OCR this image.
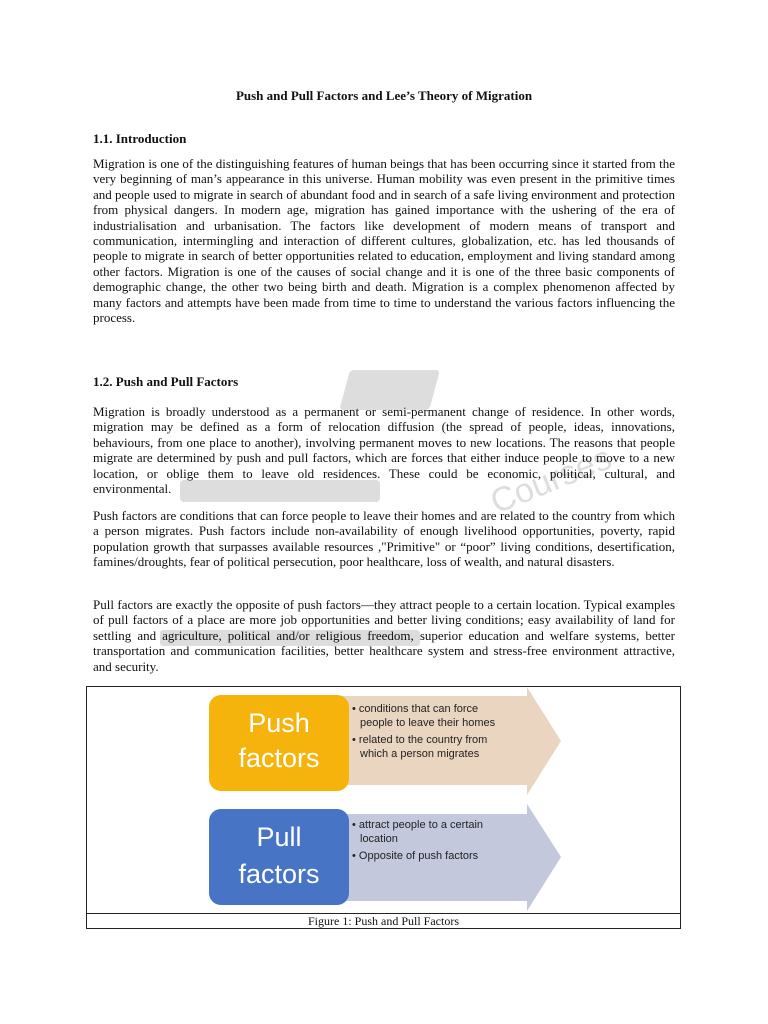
Courses
Push and Pull Factors and Lee’s Theory of Migration
1.1. Introduction

Migration is one of the distinguishing features of human beings that has been occurring since it started from the very beginning of man’s appearance in this universe. Human mobility was even present in the primitive times and people used to migrate in search of abundant food and in search of a safe living environment and protection from physical dangers. In modern age, migration has gained importance with the ushering of the era of industrialisation and urbanisation. The factors like development of modern means of transport and communication, intermingling and interaction of different cultures, globalization, etc. has led thousands of people to migrate in search of better opportunities related to education, employment and living standard among other factors. Migration is one of the causes of social change and it is one of the three basic components of demographic change, the other two being birth and death. Migration is a complex phenomenon affected by many factors and attempts have been made from time to time to understand the various factors influencing the process.

1.2. Push and Pull Factors

Migration is broadly understood as a permanent or semi-permanent change of residence. In other words, migration may be defined as a form of relocation diffusion (the spread of people, ideas, innovations, behaviours, from one place to another), involving permanent moves to new locations. The reasons that people migrate are determined by push and pull factors, which are forces that either induce people to move to a new location, or oblige them to leave old residences. These could be economic, political, cultural, and environmental.

Push factors are conditions that can force people to leave their homes and are related to the country from which a person migrates. Push factors include non-availability of enough livelihood opportunities, poverty, rapid population growth that surpasses available resources ,"Primitive" or “poor” living conditions, desertification, famines/droughts, fear of political persecution, poor healthcare, loss of wealth, and natural disasters.

Pull factors are exactly the opposite of push factors—they attract people to a certain location. Typical examples of pull factors of a place are more job opportunities and better living conditions; easy availability of land for settling and agriculture, political and/or religious freedom, superior education and welfare systems, better transportation and communication facilities, better healthcare system and stress-free environment attractive, and security.

Push
factors
• conditions that can force
people to leave their homes
• related to the country from
which a person migrates
Pull
factors
• attract people to a certain
location
• Opposite of push factors
Figure 1: Push and Pull Factors
